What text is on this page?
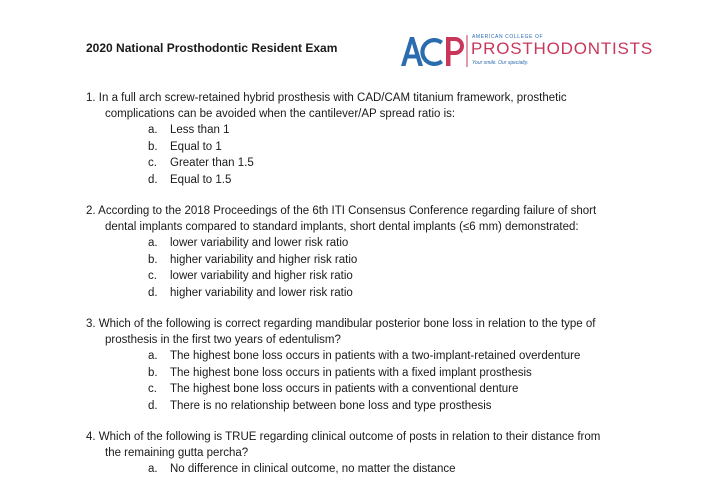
2020 National Prosthodontic Resident Exam
AMERICAN COLLEGE OF
PROSTHODONTISTS
Your smile. Our specialty.
1. In a full arch screw-retained hybrid prosthesis with CAD/CAM titanium framework, prosthetic
complications can be avoided when the cantilever/AP spread ratio is:
a. Less than 1
b. Equal to 1
c. Greater than 1.5
d. Equal to 1.5
2. According to the 2018 Proceedings of the 6th ITI Consensus Conference regarding failure of short
dental implants compared to standard implants, short dental implants (≤6 mm) demonstrated:
a. lower variability and lower risk ratio
b. higher variability and higher risk ratio
c. lower variability and higher risk ratio
d. higher variability and lower risk ratio
3. Which of the following is correct regarding mandibular posterior bone loss in relation to the type of
prosthesis in the first two years of edentulism?
a. The highest bone loss occurs in patients with a two-implant-retained overdenture
b. The highest bone loss occurs in patients with a fixed implant prosthesis
c. The highest bone loss occurs in patients with a conventional denture
d. There is no relationship between bone loss and type prosthesis
4. Which of the following is TRUE regarding clinical outcome of posts in relation to their distance from
the remaining gutta percha?
a. No difference in clinical outcome, no matter the distance
